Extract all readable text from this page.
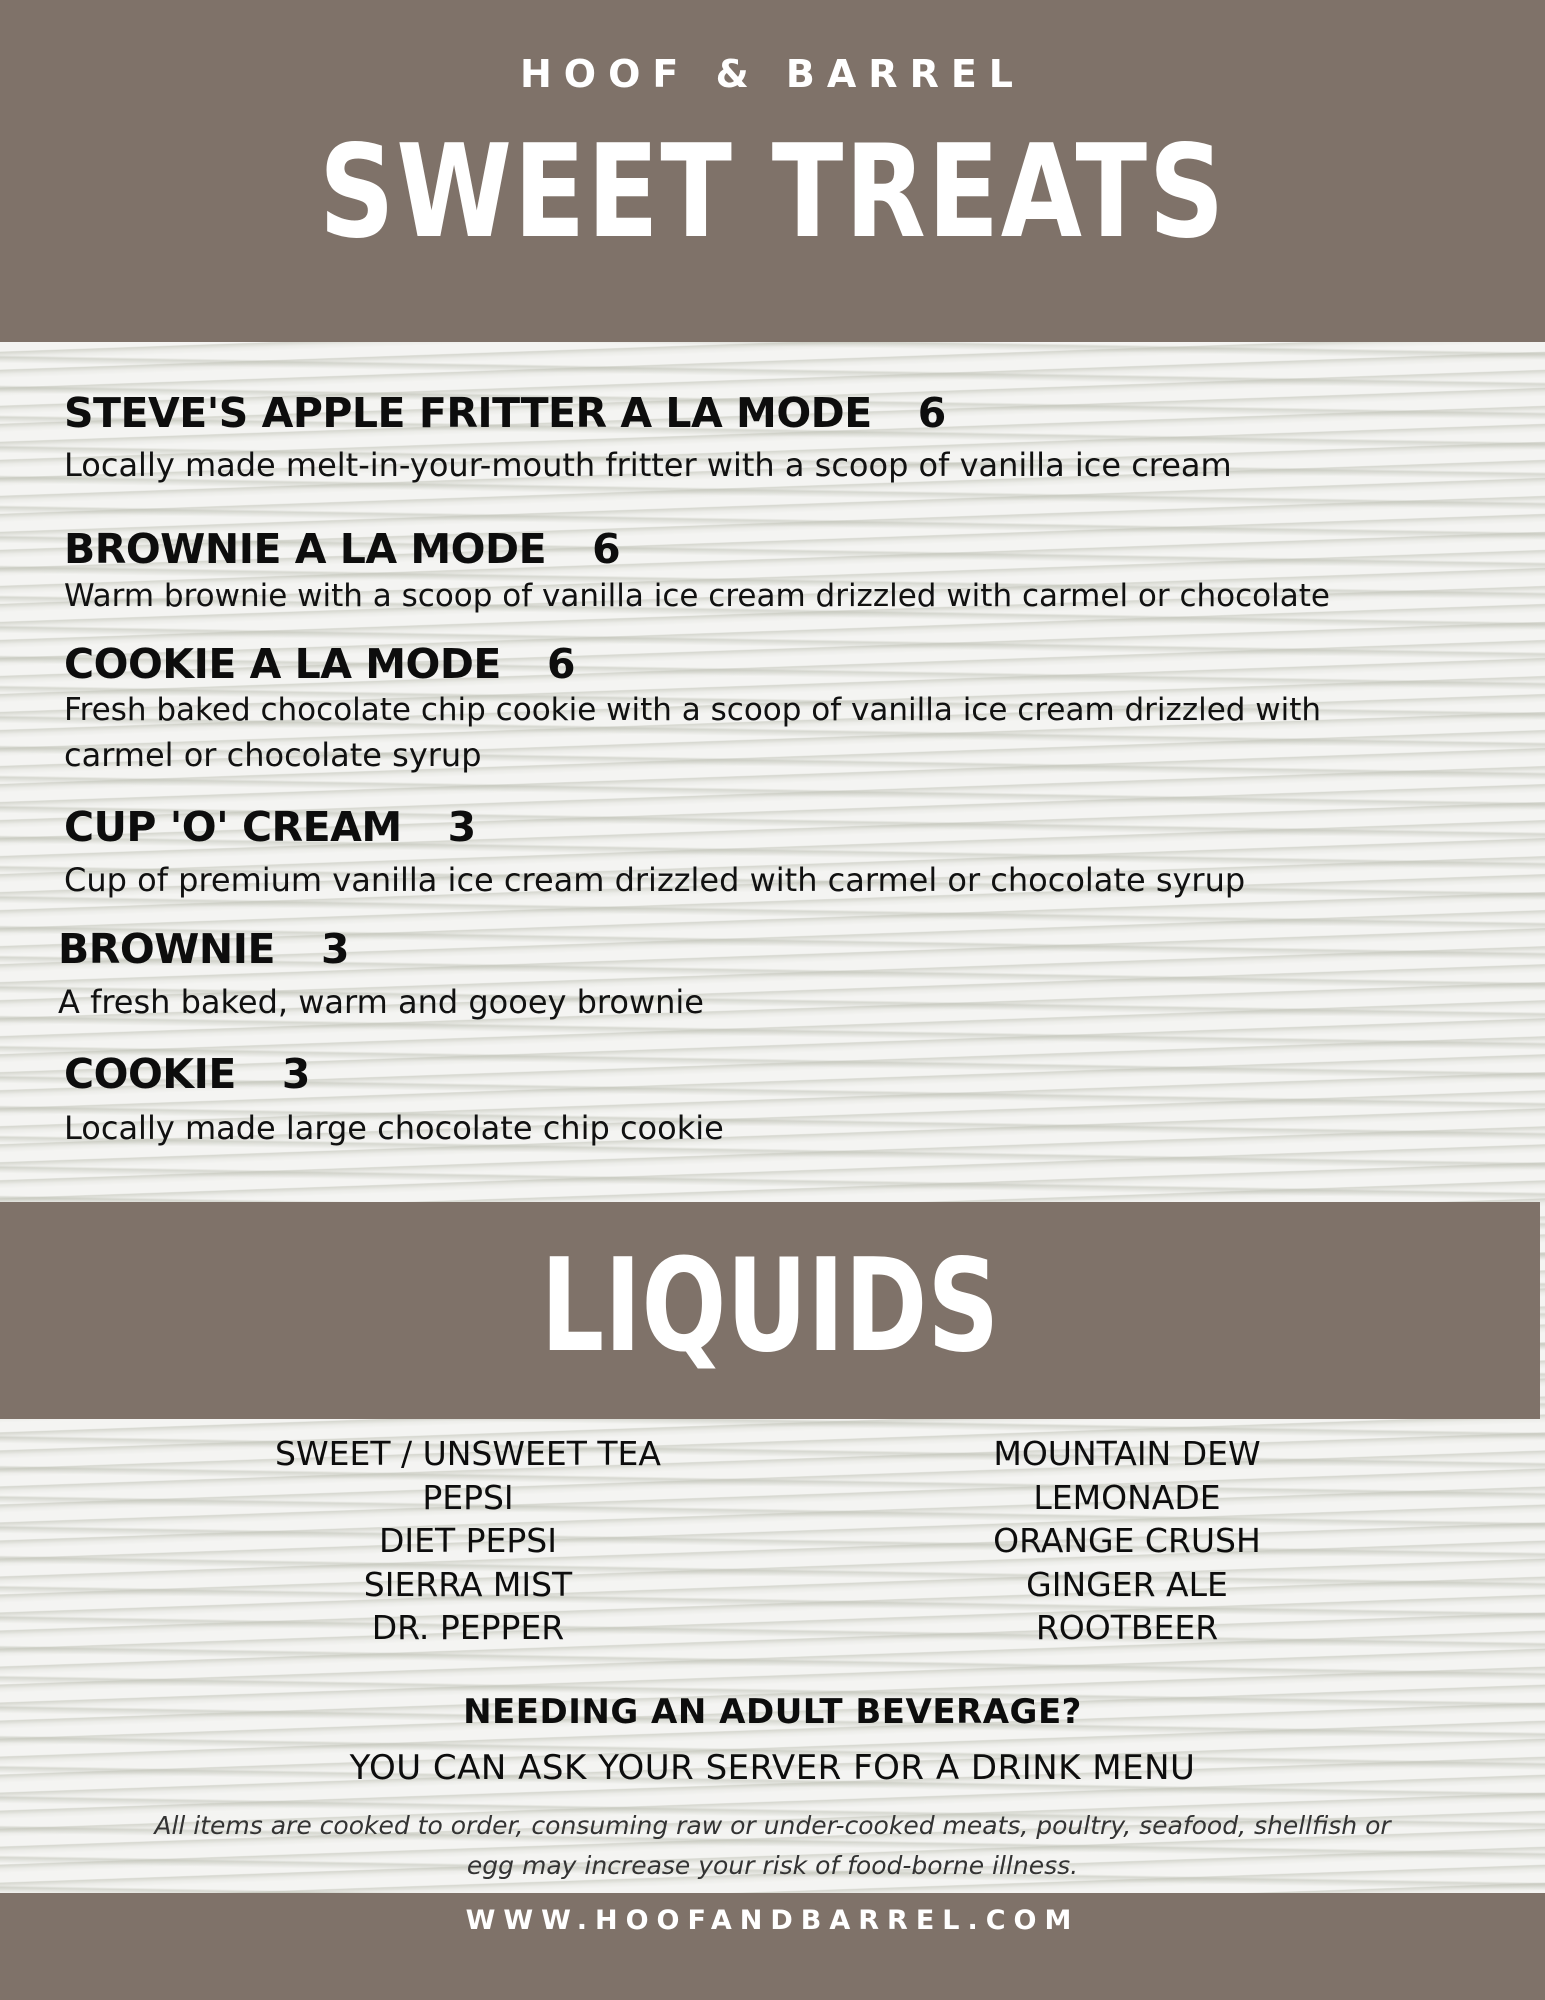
HOOF & BARREL
SWEET TREATS
STEVE'S APPLE FRITTER A LA MODE 6
Locally made melt-in-your-mouth fritter with a scoop of vanilla ice cream
BROWNIE A LA MODE 6
Warm brownie with a scoop of vanilla ice cream drizzled with carmel or chocolate
COOKIE A LA MODE 6
Fresh baked chocolate chip cookie with a scoop of vanilla ice cream drizzled with
carmel or chocolate syrup
CUP 'O' CREAM 3
Cup of premium vanilla ice cream drizzled with carmel or chocolate syrup
BROWNIE 3
A fresh baked, warm and gooey brownie
COOKIE 3
Locally made large chocolate chip cookie
LIQUIDS
SWEET / UNSWEET TEA
PEPSI
DIET PEPSI
SIERRA MIST
DR. PEPPER
MOUNTAIN DEW
LEMONADE
ORANGE CRUSH
GINGER ALE
ROOTBEER
NEEDING AN ADULT BEVERAGE?
YOU CAN ASK YOUR SERVER FOR A DRINK MENU
All items are cooked to order, consuming raw or under-cooked meats, poultry, seafood, shellfish or
egg may increase your risk of food-borne illness.
WWW.HOOFANDBARREL.COM
